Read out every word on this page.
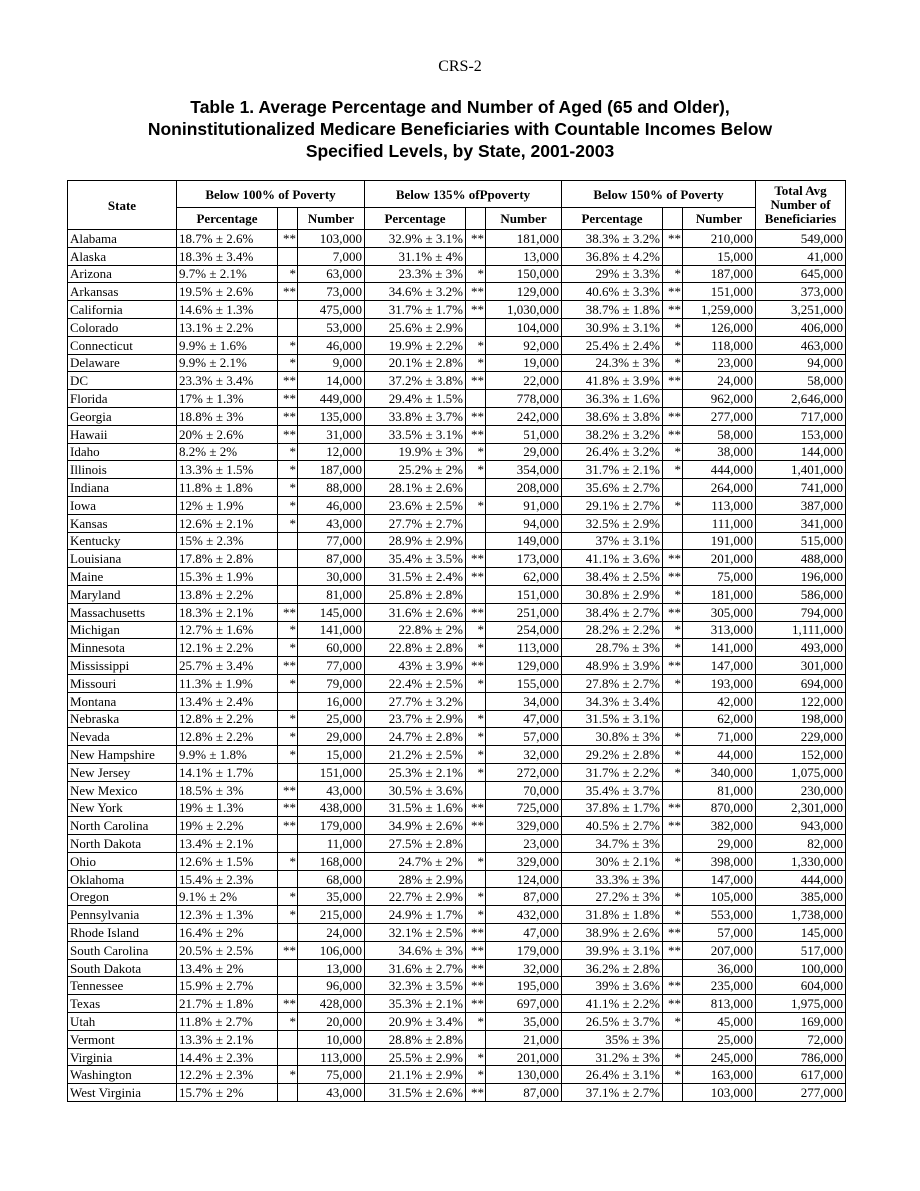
CRS-2
Table 1. Average Percentage and Number of Aged (65 and Older),
Noninstitutionalized Medicare Beneficiaries with Countable Incomes Below
Specified Levels, by State, 2001-2003
State	Below 100% of Poverty			Below 135% ofPpoverty			Below 150% of Poverty			Total Avg
Number of
Beneficiaries

	Percentage		Number	Percentage		Number	Percentage		Number	
Alabama	18.7% ± 2.6%	**	103,000	32.9% ± 3.1%	**	181,000	38.3% ± 3.2%	**	210,000	549,000
Alaska	18.3% ± 3.4%		7,000	31.1% ± 4%		13,000	36.8% ± 4.2%		15,000	41,000
Arizona	9.7% ± 2.1%	*	63,000	23.3% ± 3%	*	150,000	29% ± 3.3%	*	187,000	645,000
Arkansas	19.5% ± 2.6%	**	73,000	34.6% ± 3.2%	**	129,000	40.6% ± 3.3%	**	151,000	373,000
California	14.6% ± 1.3%		475,000	31.7% ± 1.7%	**	1,030,000	38.7% ± 1.8%	**	1,259,000	3,251,000
Colorado	13.1% ± 2.2%		53,000	25.6% ± 2.9%		104,000	30.9% ± 3.1%	*	126,000	406,000
Connecticut	9.9% ± 1.6%	*	46,000	19.9% ± 2.2%	*	92,000	25.4% ± 2.4%	*	118,000	463,000
Delaware	9.9% ± 2.1%	*	9,000	20.1% ± 2.8%	*	19,000	24.3% ± 3%	*	23,000	94,000
DC	23.3% ± 3.4%	**	14,000	37.2% ± 3.8%	**	22,000	41.8% ± 3.9%	**	24,000	58,000
Florida	17% ± 1.3%	**	449,000	29.4% ± 1.5%		778,000	36.3% ± 1.6%		962,000	2,646,000
Georgia	18.8% ± 3%	**	135,000	33.8% ± 3.7%	**	242,000	38.6% ± 3.8%	**	277,000	717,000
Hawaii	20% ± 2.6%	**	31,000	33.5% ± 3.1%	**	51,000	38.2% ± 3.2%	**	58,000	153,000
Idaho	8.2% ± 2%	*	12,000	19.9% ± 3%	*	29,000	26.4% ± 3.2%	*	38,000	144,000
Illinois	13.3% ± 1.5%	*	187,000	25.2% ± 2%	*	354,000	31.7% ± 2.1%	*	444,000	1,401,000
Indiana	11.8% ± 1.8%	*	88,000	28.1% ± 2.6%		208,000	35.6% ± 2.7%		264,000	741,000
Iowa	12% ± 1.9%	*	46,000	23.6% ± 2.5%	*	91,000	29.1% ± 2.7%	*	113,000	387,000
Kansas	12.6% ± 2.1%	*	43,000	27.7% ± 2.7%		94,000	32.5% ± 2.9%		111,000	341,000
Kentucky	15% ± 2.3%		77,000	28.9% ± 2.9%		149,000	37% ± 3.1%		191,000	515,000
Louisiana	17.8% ± 2.8%		87,000	35.4% ± 3.5%	**	173,000	41.1% ± 3.6%	**	201,000	488,000
Maine	15.3% ± 1.9%		30,000	31.5% ± 2.4%	**	62,000	38.4% ± 2.5%	**	75,000	196,000
Maryland	13.8% ± 2.2%		81,000	25.8% ± 2.8%		151,000	30.8% ± 2.9%	*	181,000	586,000
Massachusetts	18.3% ± 2.1%	**	145,000	31.6% ± 2.6%	**	251,000	38.4% ± 2.7%	**	305,000	794,000
Michigan	12.7% ± 1.6%	*	141,000	22.8% ± 2%	*	254,000	28.2% ± 2.2%	*	313,000	1,111,000
Minnesota	12.1% ± 2.2%	*	60,000	22.8% ± 2.8%	*	113,000	28.7% ± 3%	*	141,000	493,000
Mississippi	25.7% ± 3.4%	**	77,000	43% ± 3.9%	**	129,000	48.9% ± 3.9%	**	147,000	301,000
Missouri	11.3% ± 1.9%	*	79,000	22.4% ± 2.5%	*	155,000	27.8% ± 2.7%	*	193,000	694,000
Montana	13.4% ± 2.4%		16,000	27.7% ± 3.2%		34,000	34.3% ± 3.4%		42,000	122,000
Nebraska	12.8% ± 2.2%	*	25,000	23.7% ± 2.9%	*	47,000	31.5% ± 3.1%		62,000	198,000
Nevada	12.8% ± 2.2%	*	29,000	24.7% ± 2.8%	*	57,000	30.8% ± 3%	*	71,000	229,000
New Hampshire	9.9% ± 1.8%	*	15,000	21.2% ± 2.5%	*	32,000	29.2% ± 2.8%	*	44,000	152,000
New Jersey	14.1% ± 1.7%		151,000	25.3% ± 2.1%	*	272,000	31.7% ± 2.2%	*	340,000	1,075,000
New Mexico	18.5% ± 3%	**	43,000	30.5% ± 3.6%		70,000	35.4% ± 3.7%		81,000	230,000
New York	19% ± 1.3%	**	438,000	31.5% ± 1.6%	**	725,000	37.8% ± 1.7%	**	870,000	2,301,000
North Carolina	19% ± 2.2%	**	179,000	34.9% ± 2.6%	**	329,000	40.5% ± 2.7%	**	382,000	943,000
North Dakota	13.4% ± 2.1%		11,000	27.5% ± 2.8%		23,000	34.7% ± 3%		29,000	82,000
Ohio	12.6% ± 1.5%	*	168,000	24.7% ± 2%	*	329,000	30% ± 2.1%	*	398,000	1,330,000
Oklahoma	15.4% ± 2.3%		68,000	28% ± 2.9%		124,000	33.3% ± 3%		147,000	444,000
Oregon	9.1% ± 2%	*	35,000	22.7% ± 2.9%	*	87,000	27.2% ± 3%	*	105,000	385,000
Pennsylvania	12.3% ± 1.3%	*	215,000	24.9% ± 1.7%	*	432,000	31.8% ± 1.8%	*	553,000	1,738,000
Rhode Island	16.4% ± 2%		24,000	32.1% ± 2.5%	**	47,000	38.9% ± 2.6%	**	57,000	145,000
South Carolina	20.5% ± 2.5%	**	106,000	34.6% ± 3%	**	179,000	39.9% ± 3.1%	**	207,000	517,000
South Dakota	13.4% ± 2%		13,000	31.6% ± 2.7%	**	32,000	36.2% ± 2.8%		36,000	100,000
Tennessee	15.9% ± 2.7%		96,000	32.3% ± 3.5%	**	195,000	39% ± 3.6%	**	235,000	604,000
Texas	21.7% ± 1.8%	**	428,000	35.3% ± 2.1%	**	697,000	41.1% ± 2.2%	**	813,000	1,975,000
Utah	11.8% ± 2.7%	*	20,000	20.9% ± 3.4%	*	35,000	26.5% ± 3.7%	*	45,000	169,000
Vermont	13.3% ± 2.1%		10,000	28.8% ± 2.8%		21,000	35% ± 3%		25,000	72,000
Virginia	14.4% ± 2.3%		113,000	25.5% ± 2.9%	*	201,000	31.2% ± 3%	*	245,000	786,000
Washington	12.2% ± 2.3%	*	75,000	21.1% ± 2.9%	*	130,000	26.4% ± 3.1%	*	163,000	617,000
West Virginia	15.7% ± 2%		43,000	31.5% ± 2.6%	**	87,000	37.1% ± 2.7%		103,000	277,000
